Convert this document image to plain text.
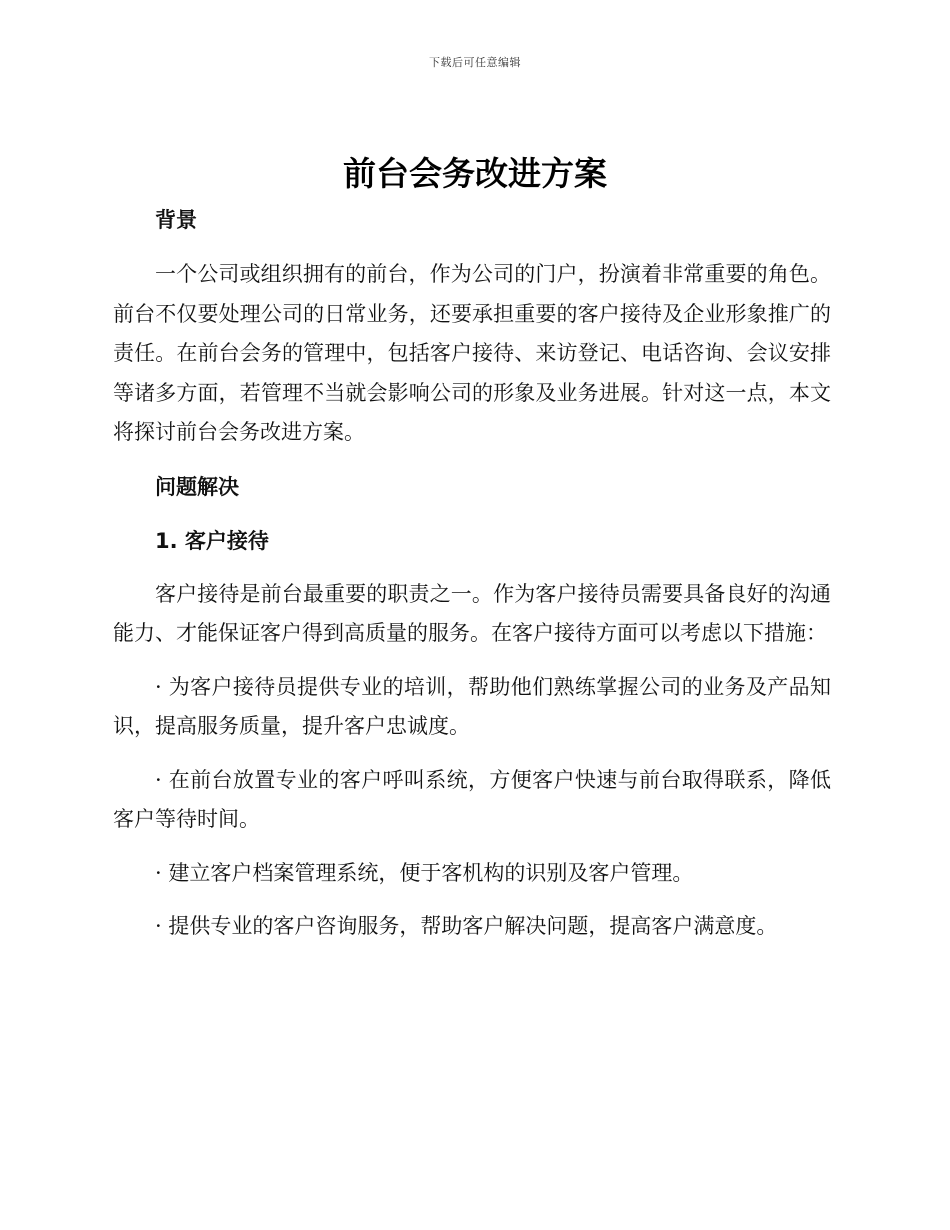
下载后可任意编辑
前台会务改进方案

背景

一个公司或组织拥有的前台，作为公司的门户，扮演着非常重要的角色。前台不仅要处理公司的日常业务，还要承担重要的客户接待及企业形象推广的责任。在前台会务的管理中，包括客户接待、来访登记、电话咨询、会议安排等诸多方面，若管理不当就会影响公司的形象及业务进展。针对这一点，本文将探讨前台会务改进方案。

问题解决

1. 客户接待

客户接待是前台最重要的职责之一。作为客户接待员需要具备良好的沟通能力、才能保证客户得到高质量的服务。在客户接待方面可以考虑以下措施：

· 为客户接待员提供专业的培训，帮助他们熟练掌握公司的业务及产品知识，提高服务质量，提升客户忠诚度。

· 在前台放置专业的客户呼叫系统，方便客户快速与前台取得联系，降低客户等待时间。

· 建立客户档案管理系统，便于客机构的识别及客户管理。

· 提供专业的客户咨询服务，帮助客户解决问题，提高客户满意度。
